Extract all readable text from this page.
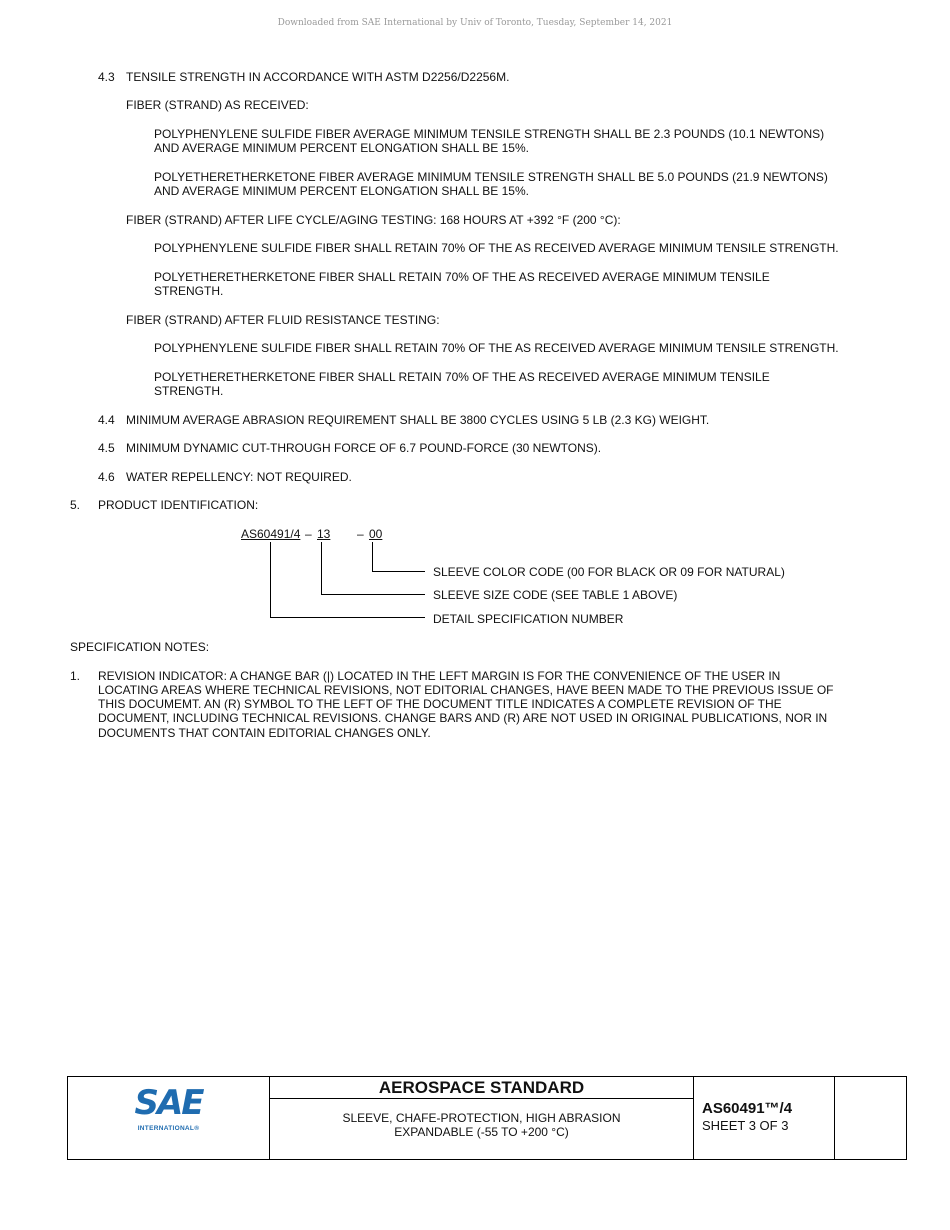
Downloaded from SAE International by Univ of Toronto, Tuesday, September 14, 2021
4.3 TENSILE STRENGTH IN ACCORDANCE WITH ASTM D2256/D2256M.
FIBER (STRAND) AS RECEIVED:
POLYPHENYLENE SULFIDE FIBER AVERAGE MINIMUM TENSILE STRENGTH SHALL BE 2.3 POUNDS (10.1 NEWTONS)
AND AVERAGE MINIMUM PERCENT ELONGATION SHALL BE 15%.
POLYETHERETHERKETONE FIBER AVERAGE MINIMUM TENSILE STRENGTH SHALL BE 5.0 POUNDS (21.9 NEWTONS)
AND AVERAGE MINIMUM PERCENT ELONGATION SHALL BE 15%.
FIBER (STRAND) AFTER LIFE CYCLE/AGING TESTING: 168 HOURS AT +392 °F (200 °C):
POLYPHENYLENE SULFIDE FIBER SHALL RETAIN 70% OF THE AS RECEIVED AVERAGE MINIMUM TENSILE STRENGTH.
POLYETHERETHERKETONE FIBER SHALL RETAIN 70% OF THE AS RECEIVED AVERAGE MINIMUM TENSILE
STRENGTH.
FIBER (STRAND) AFTER FLUID RESISTANCE TESTING:
POLYPHENYLENE SULFIDE FIBER SHALL RETAIN 70% OF THE AS RECEIVED AVERAGE MINIMUM TENSILE STRENGTH.
POLYETHERETHERKETONE FIBER SHALL RETAIN 70% OF THE AS RECEIVED AVERAGE MINIMUM TENSILE
STRENGTH.
4.4 MINIMUM AVERAGE ABRASION REQUIREMENT SHALL BE 3800 CYCLES USING 5 LB (2.3 KG) WEIGHT.
4.5 MINIMUM DYNAMIC CUT-THROUGH FORCE OF 6.7 POUND-FORCE (30 NEWTONS).
4.6 WATER REPELLENCY: NOT REQUIRED.
5. PRODUCT IDENTIFICATION:
AS60491/4 – 13 – 00
SLEEVE COLOR CODE (00 FOR BLACK OR 09 FOR NATURAL)
SLEEVE SIZE CODE (SEE TABLE 1 ABOVE)
DETAIL SPECIFICATION NUMBER
SPECIFICATION NOTES:
1. REVISION INDICATOR: A CHANGE BAR (|) LOCATED IN THE LEFT MARGIN IS FOR THE CONVENIENCE OF THE USER IN
LOCATING AREAS WHERE TECHNICAL REVISIONS, NOT EDITORIAL CHANGES, HAVE BEEN MADE TO THE PREVIOUS ISSUE OF
THIS DOCUMEMT. AN (R) SYMBOL TO THE LEFT OF THE DOCUMENT TITLE INDICATES A COMPLETE REVISION OF THE
DOCUMENT, INCLUDING TECHNICAL REVISIONS. CHANGE BARS AND (R) ARE NOT USED IN ORIGINAL PUBLICATIONS, NOR IN
DOCUMENTS THAT CONTAIN EDITORIAL CHANGES ONLY.
SAE
INTERNATIONAL®
AEROSPACE STANDARD
SLEEVE, CHAFE-PROTECTION, HIGH ABRASION
EXPANDABLE (-55 TO +200 °C)
AS60491™/4
SHEET 3 OF 3
